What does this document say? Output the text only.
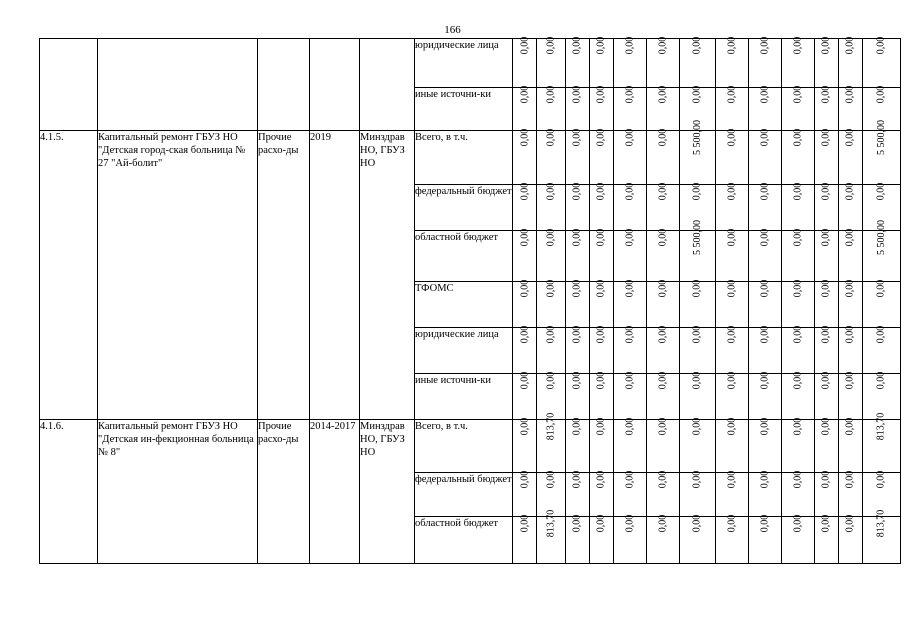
166
					юридические лица	0,00	0,00	0,00	0,00	0,00	0,00	0,00	0,00	0,00	0,00	0,00	0,00	0,00
					иные источни-ки	0,00	0,00	0,00	0,00	0,00	0,00	0,00	0,00	0,00	0,00	0,00	0,00	0,00
4.1.5.	Капитальный ремонт ГБУЗ НО "Детская город-ская больница № 27 "Ай-болит"	Прочие расхо-ды	2019	Минздрав НО, ГБУЗ НО	Всего, в т.ч.	0,00	0,00	0,00	0,00	0,00	0,00	5 500,00	0,00	0,00	0,00	0,00	0,00	5 500,00
					федеральный бюджет	0,00	0,00	0,00	0,00	0,00	0,00	0,00	0,00	0,00	0,00	0,00	0,00	0,00
					областной бюджет	0,00	0,00	0,00	0,00	0,00	0,00	5 500,00	0,00	0,00	0,00	0,00	0,00	5 500,00
					ТФОМС	0,00	0,00	0,00	0,00	0,00	0,00	0,00	0,00	0,00	0,00	0,00	0,00	0,00
					юридические лица	0,00	0,00	0,00	0,00	0,00	0,00	0,00	0,00	0,00	0,00	0,00	0,00	0,00
					иные источни-ки	0,00	0,00	0,00	0,00	0,00	0,00	0,00	0,00	0,00	0,00	0,00	0,00	0,00
4.1.6.	Капитальный ремонт ГБУЗ НО "Детская ин-фекционная больница № 8"	Прочие расхо-ды	2014-2017	Минздрав НО, ГБУЗ НО	Всего, в т.ч.	0,00	813,70	0,00	0,00	0,00	0,00	0,00	0,00	0,00	0,00	0,00	0,00	813,70
					федеральный бюджет	0,00	0,00	0,00	0,00	0,00	0,00	0,00	0,00	0,00	0,00	0,00	0,00	0,00
					областной бюджет	0,00	813,70	0,00	0,00	0,00	0,00	0,00	0,00	0,00	0,00	0,00	0,00	813,70
